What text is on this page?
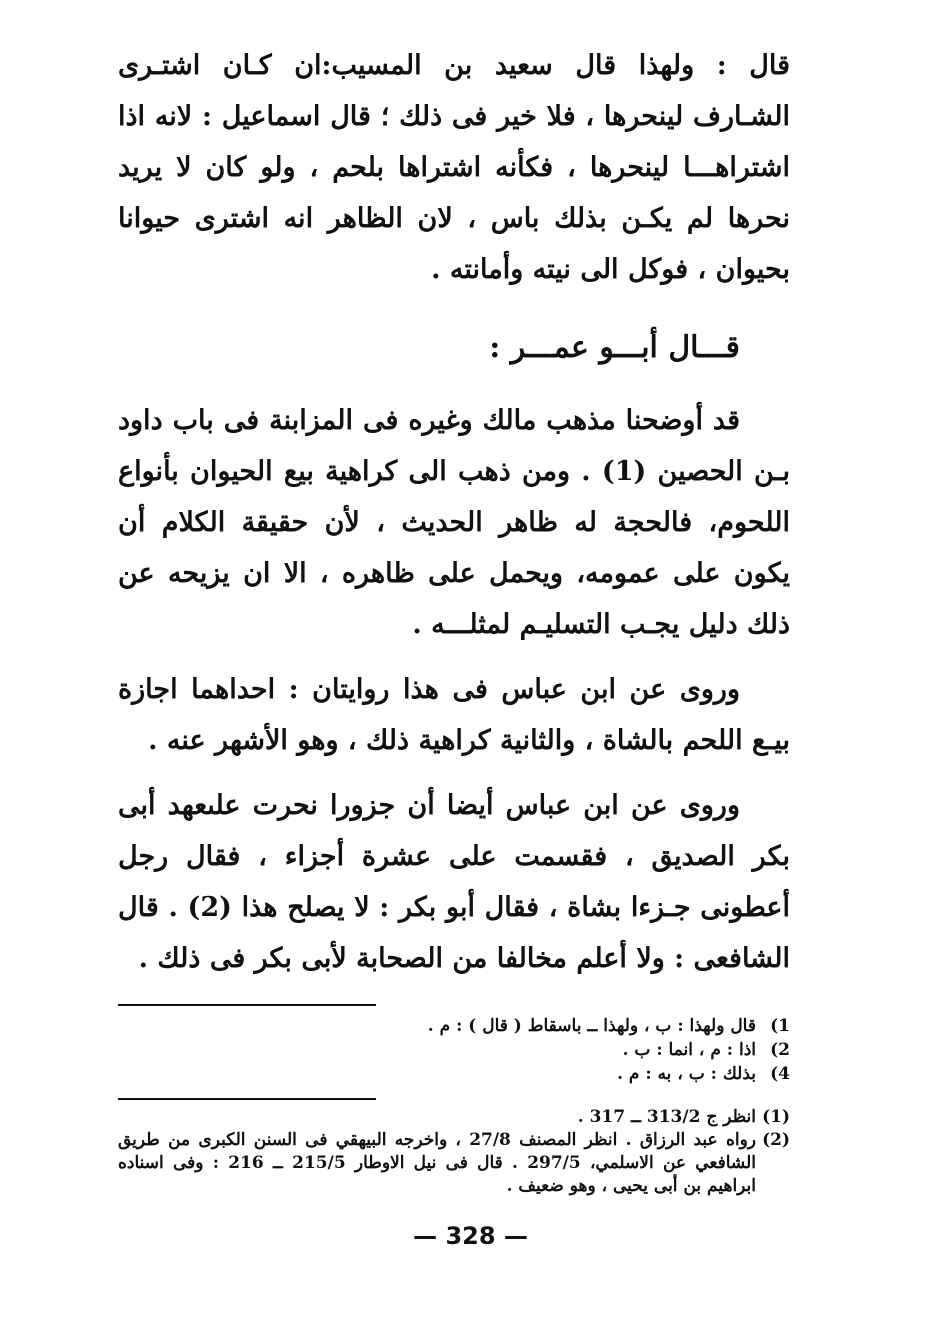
قال : ولهذا قال سعيد بن المسيب:ان كـان اشتـرى الشـارف لينحرها ، فلا خير فى ذلك ؛ قال اسماعيل : لانه اذا اشتراهـــا لينحرها ، فكأنه اشتراها بلحم ، ولو كان لا يريد نحرها لم يكـن بذلك باس ، لان الظاهر انه اشترى حيوانا بحيوان ، فوكل الى نيته وأمانته .

قـــال أبـــو عمـــر :

قد أوضحنا مذهب مالك وغيره فى المزابنة فى باب داود بـن الحصين (1) . ومن ذهب الى كراهية بيع الحيوان بأنواع اللحوم، فالحجة له ظاهر الحديث ، لأن حقيقة الكلام أن يكون على عمومه، ويحمل على ظاهره ، الا ان يزيحه عن ذلك دليل يجـب التسليـم لمثلـــه .

وروى عن ابن عباس فى هذا روايتان : احداهما اجازة بيـع اللحم بالشاة ، والثانية كراهية ذلك ، وهو الأشهر عنه .

وروى عن ابن عباس أيضا أن جزورا نحرت علىعهد أبى بكر الصديق ، فقسمت على عشرة أجزاء ، فقال رجل أعطونى جـزءا بشاة ، فقال أبو بكر : لا يصلح هذا (2) . قال الشافعى : ولا أعلم مخالفا من الصحابة لأبى بكر فى ذلك .

1)
قال ولهذا : ب ، ولهذا ــ باسقاط ( قال ) : م .
2)
اذا : م ، انما : ب .
4)
بذلك : ب ، به : م .
(1)
انظر ج 313/2 ــ 317 .
(2)
رواه عبد الرزاق . انظر المصنف 27/8 ، واخرجه البيهقي فى السنن الكبرى من طريق الشافعي عن الاسلمي، 297/5 . قال فى نيل الاوطار 215/5 ــ 216 : وفى اسناده ابراهيم بن أبى يحيى ، وهو ضعيف .
— 328 —
